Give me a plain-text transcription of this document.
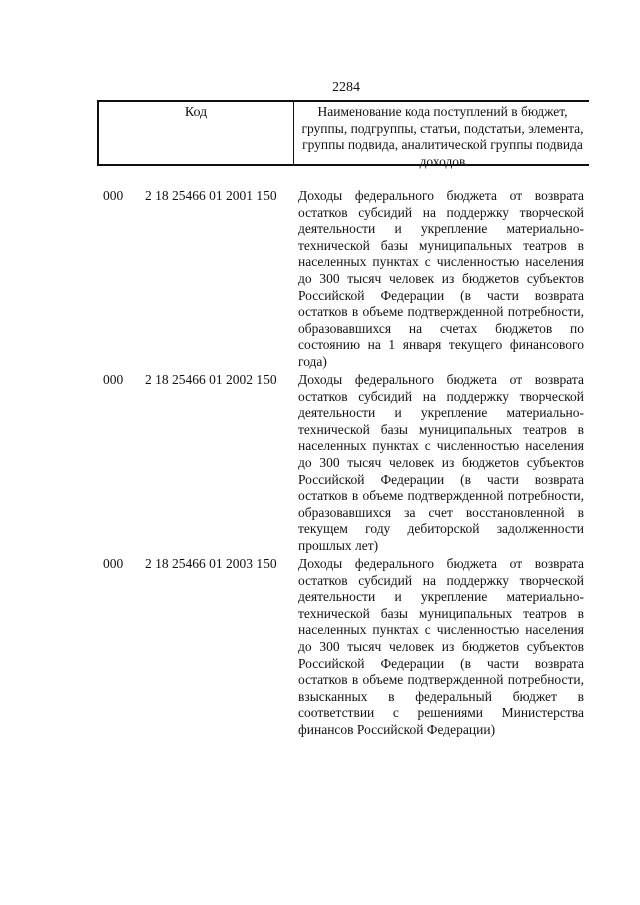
2284
Код	Наименование кода поступлений в бюджет, группы, подгруппы, статьи, подстатьи, элемента, группы подвида, аналитической группы подвида доходов
000 2 18 25466 01 2001 150 Доходы федерального бюджета от возврата остатков субсидий на поддержку творческой деятельности и укрепление материально-технической базы муниципальных театров в населенных пунктах с численностью населения до 300 тысяч человек из бюджетов субъектов Российской Федерации (в части возврата остатков в объеме подтвержденной потребности, образовавшихся на счетах бюджетов по состоянию на 1 января текущего финансового года)
000 2 18 25466 01 2002 150 Доходы федерального бюджета от возврата остатков субсидий на поддержку творческой деятельности и укрепление материально-технической базы муниципальных театров в населенных пунктах с численностью населения до 300 тысяч человек из бюджетов субъектов Российской Федерации (в части возврата остатков в объеме подтвержденной потребности, образовавшихся за счет восстановленной в текущем году дебиторской задолженности прошлых лет)
000 2 18 25466 01 2003 150 Доходы федерального бюджета от возврата остатков субсидий на поддержку творческой деятельности и укрепление материально-технической базы муниципальных театров в населенных пунктах с численностью населения до 300 тысяч человек из бюджетов субъектов Российской Федерации (в части возврата остатков в объеме подтвержденной потребности, взысканных в федеральный бюджет в соответствии с решениями Министерства финансов Российской Федерации)
